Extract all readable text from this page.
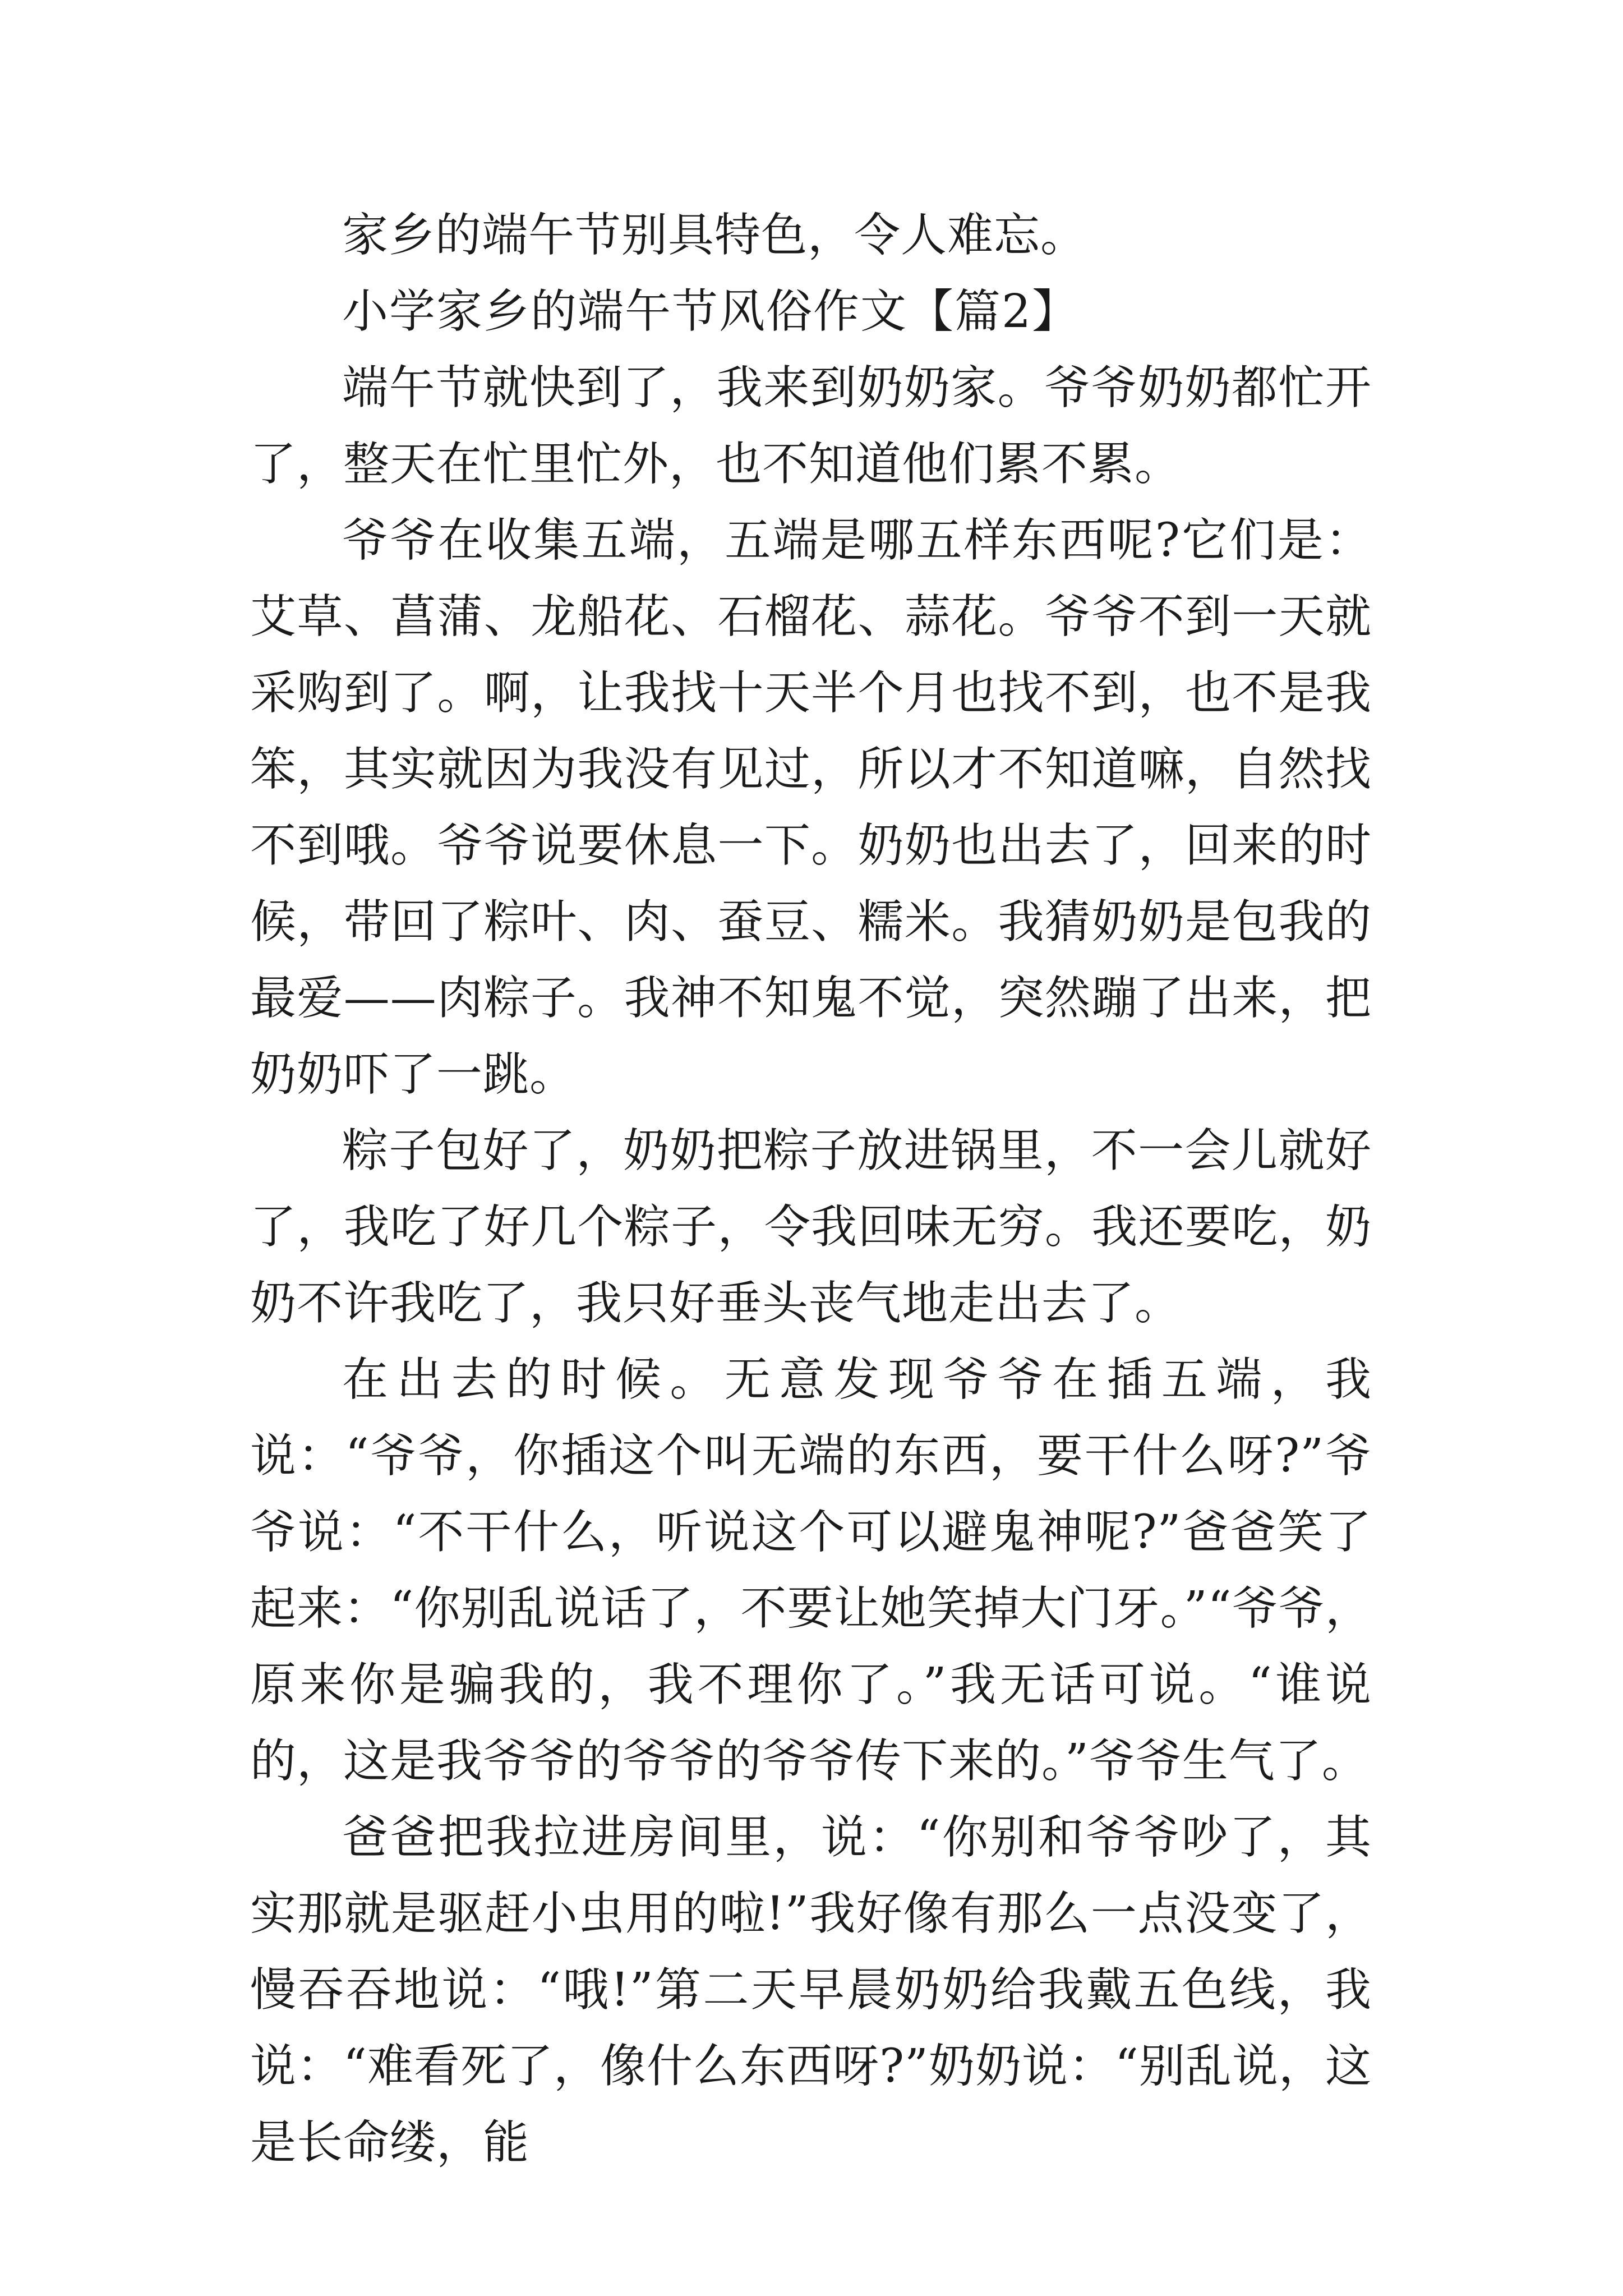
家乡的端午节别具特色，令人难忘。

小学家乡的端午节风俗作文【篇2】

端午节就快到了，我来到奶奶家。爷爷奶奶都忙开了，整天在忙里忙外，也不知道他们累不累。

爷爷在收集五端，五端是哪五样东西呢?它们是：艾草、菖蒲、龙船花、石榴花、蒜花。爷爷不到一天就采购到了。啊，让我找十天半个月也找不到，也不是我笨，其实就因为我没有见过，所以才不知道嘛，自然找不到哦。爷爷说要休息一下。奶奶也出去了，回来的时候，带回了粽叶、肉、蚕豆、糯米。我猜奶奶是包我的最爱——肉粽子。我神不知鬼不觉，突然蹦了出来，把奶奶吓了一跳。

粽子包好了，奶奶把粽子放进锅里，不一会儿就好了，我吃了好几个粽子，令我回味无穷。我还要吃，奶奶不许我吃了，我只好垂头丧气地走出去了。

在出去的时候。无意发现爷爷在插五端，我说：“爷爷，你插这个叫无端的东西，要干什么呀?”爷爷说：“不干什么，听说这个可以避鬼神呢?”爸爸笑了起来：“你别乱说话了，不要让她笑掉大门牙。”“爷爷，原来你是骗我的，我不理你了。”我无话可说。“谁说的，这是我爷爷的爷爷的爷爷传下来的。”爷爷生气了。

爸爸把我拉进房间里，说：“你别和爷爷吵了，其实那就是驱赶小虫用的啦!”我好像有那么一点没变了，慢吞吞地说：“哦!”第二天早晨奶奶给我戴五色线，我说：“难看死了，像什么东西呀?”奶奶说：“别乱说，这是长命缕，能
